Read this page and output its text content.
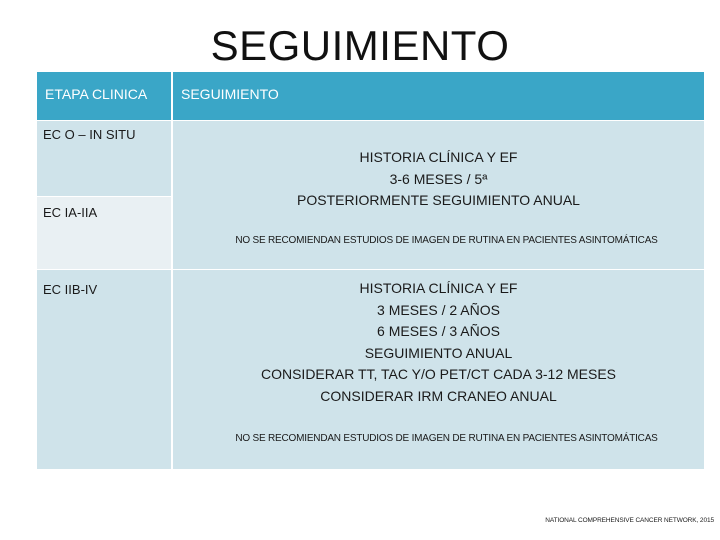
SEGUIMIENTO
ETAPA CLINICA	SEGUIMIENTO
EC O – IN SITU
EC IA-IIA
EC IIB-IV
HISTORIA CLÍNICA Y EF
3-6 MESES / 5ª
POSTERIORMENTE SEGUIMIENTO ANUAL
NO SE RECOMIENDAN ESTUDIOS DE IMAGEN DE RUTINA EN PACIENTES ASINTOMÁTICAS
HISTORIA CLÍNICA Y EF
3 MESES / 2 AÑOS
6 MESES / 3 AÑOS
SEGUIMIENTO ANUAL
CONSIDERAR TT, TAC Y/O PET/CT CADA 3-12 MESES
CONSIDERAR IRM CRANEO ANUAL
NO SE RECOMIENDAN ESTUDIOS DE IMAGEN DE RUTINA EN PACIENTES ASINTOMÁTICAS
NATIONAL COMPREHENSIVE CANCER NETWORK, 2015
